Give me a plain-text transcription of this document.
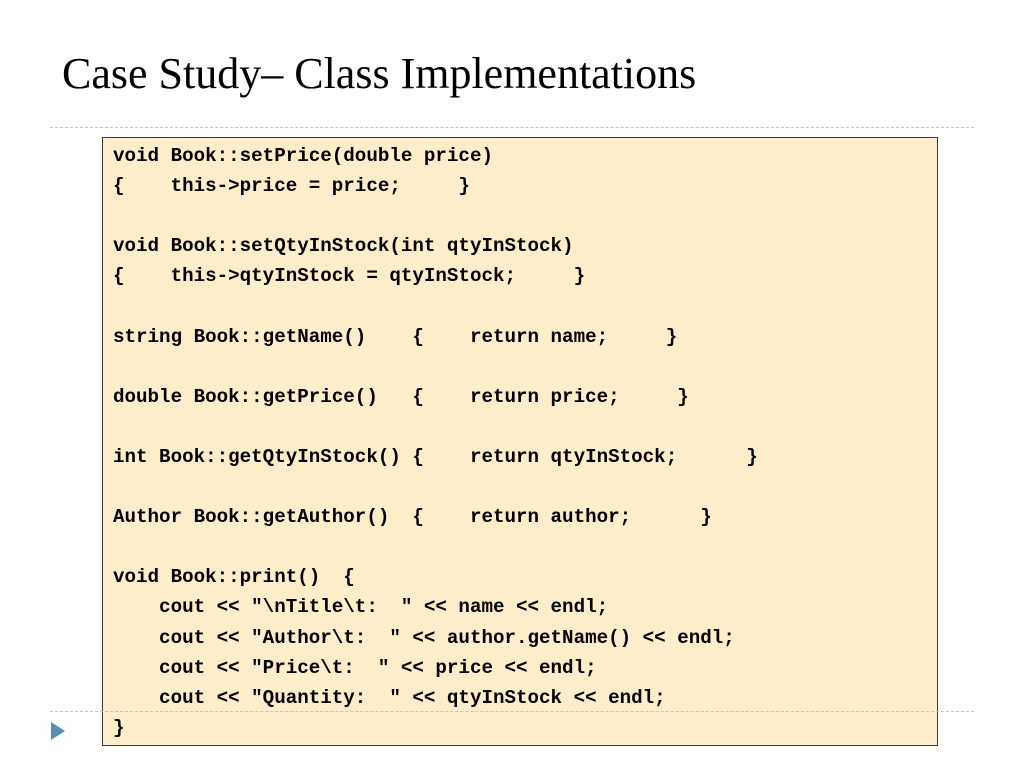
Case Study– Class Implementations
void Book::setPrice(double price)
{    this->price = price;     }
void Book::setQtyInStock(int qtyInStock)
{    this->qtyInStock = qtyInStock;     }
string Book::getName()    {    return name;     }
double Book::getPrice()   {    return price;     }
int Book::getQtyInStock() {    return qtyInStock;      }
Author Book::getAuthor()  {    return author;      }
void Book::print()  {
cout << "\nTitle\t:  " << name << endl;
cout << "Author\t:  " << author.getName() << endl;
cout << "Price\t:  " << price << endl;
cout << "Quantity:  " << qtyInStock << endl;
}
